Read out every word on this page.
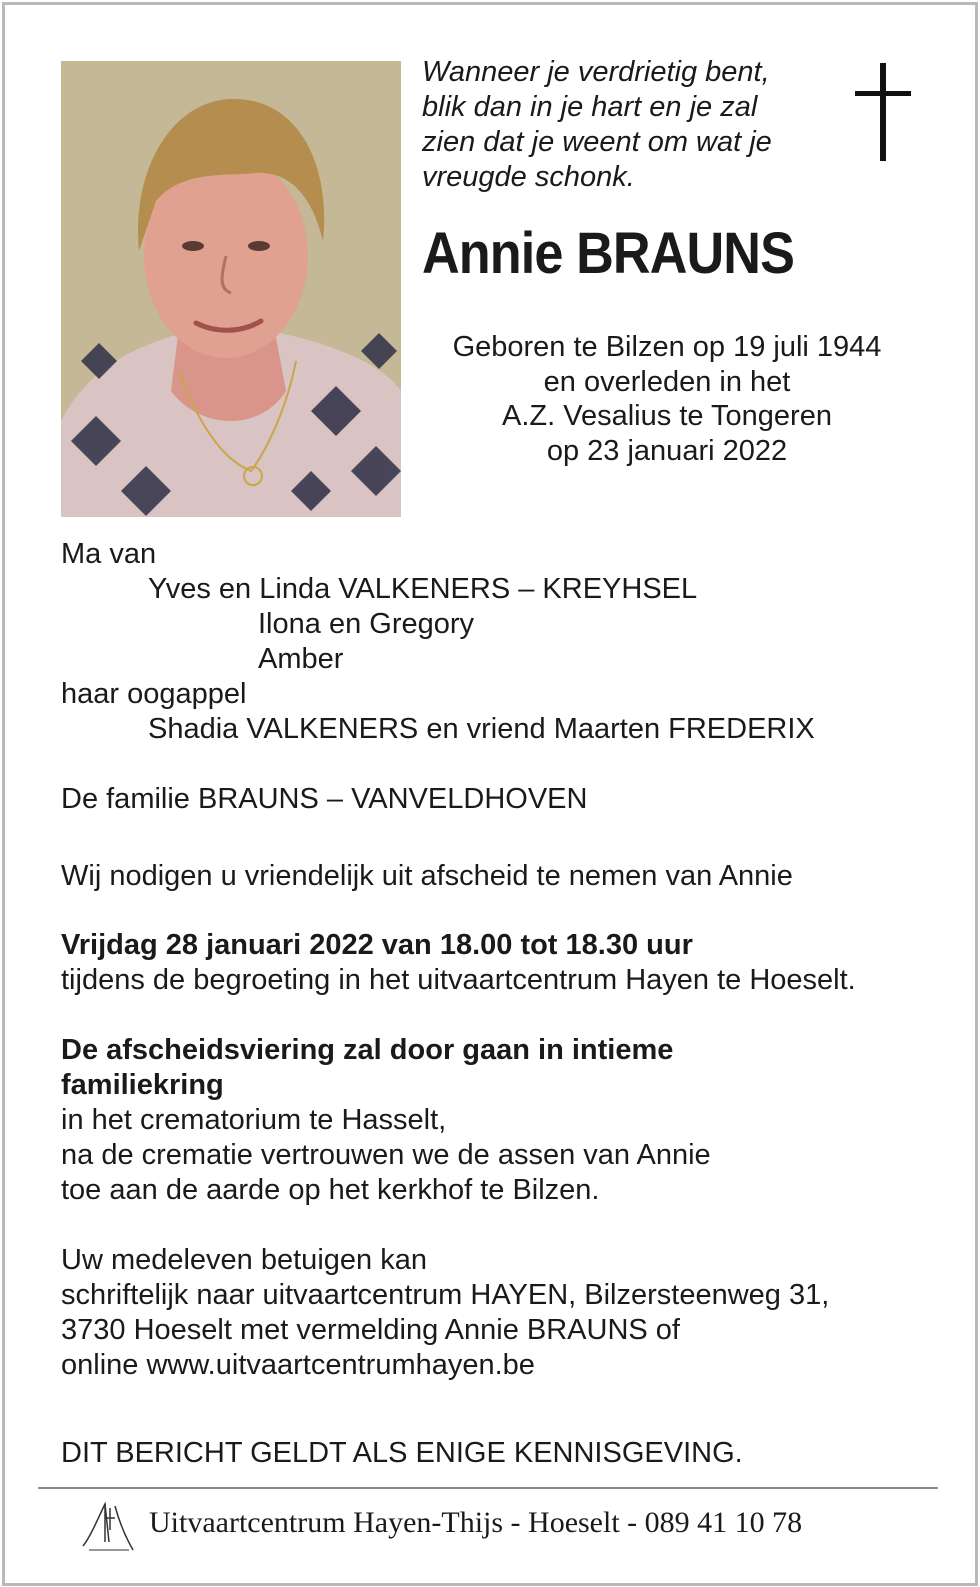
Wanneer je verdrietig bent,
blik dan in je hart en je zal
zien dat je weent om wat je
vreugde schonk.
Annie BRAUNS
Geboren te Bilzen op 19 juli 1944
en overleden in het
A.Z. Vesalius te Tongeren
op 23 januari 2022

Ma van

Yves en Linda VALKENERS – KREYHSEL

Ilona en Gregory

Amber

haar oogappel

Shadia VALKENERS en vriend Maarten FREDERIX

De familie BRAUNS – VANVELDHOVEN

Wij nodigen u vriendelijk uit afscheid te nemen van Annie

Vrijdag 28 januari 2022 van 18.00 tot 18.30 uur

tijdens de begroeting in het uitvaartcentrum Hayen te Hoeselt.

De afscheidsviering zal door gaan in intieme

familiekring

in het crematorium te Hasselt,

na de crematie vertrouwen we de assen van Annie

toe aan de aarde op het kerkhof te Bilzen.

Uw medeleven betuigen kan

schriftelijk naar uitvaartcentrum HAYEN, Bilzersteenweg 31,

3730 Hoeselt met vermelding Annie BRAUNS of

online www.uitvaartcentrumhayen.be

DIT BERICHT GELDT ALS ENIGE KENNISGEVING.

Uitvaartcentrum Hayen-Thijs - Hoeselt - 089 41 10 78
